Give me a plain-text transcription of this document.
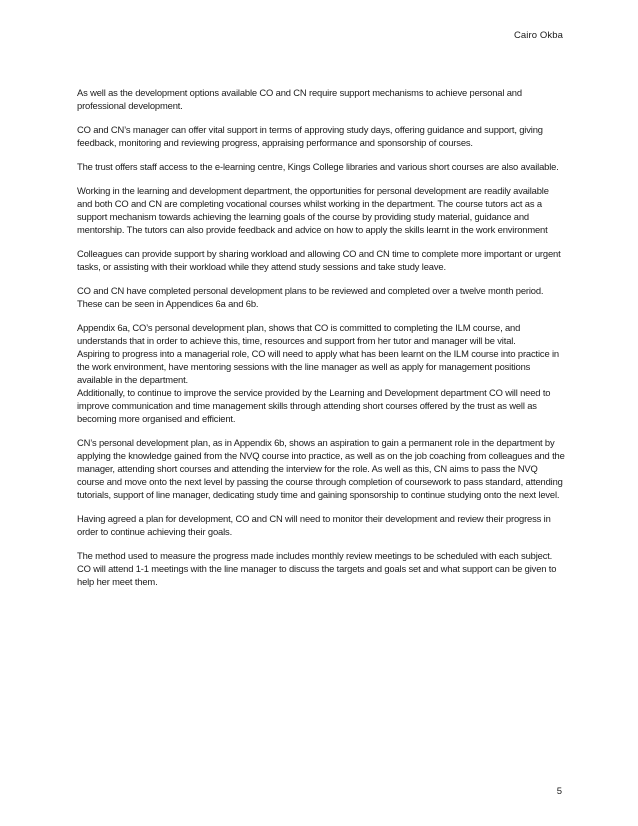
Cairo Okba

As well as the development options available CO and CN require support mechanisms to achieve personal and professional development.

CO and CN’s manager can offer vital support in terms of approving study days, offering guidance and support, giving feedback, monitoring and reviewing progress, appraising performance and sponsorship of courses.

The trust offers staff access to the e-learning centre, Kings College libraries and various short courses are also available.

Working in the learning and development department, the opportunities for personal development are readily available and both CO and CN are completing vocational courses whilst working in the department. The course tutors act as a support mechanism towards achieving the learning goals of the course by providing study material, guidance and mentorship. The tutors can also provide feedback and advice on how to apply the skills learnt in the work environment

Colleagues can provide support by sharing workload and allowing CO and CN time to complete more important or urgent tasks, or assisting with their workload while they attend study sessions and take study leave.

CO and CN have completed personal development plans to be reviewed and completed over a twelve month period. These can be seen in Appendices 6a and 6b.

Appendix 6a, CO’s personal development plan, shows that CO is committed to completing the ILM course, and understands that in order to achieve this, time, resources and support from her tutor and manager will be vital.

Aspiring to progress into a managerial role, CO will need to apply what has been learnt on the ILM course into practice in the work environment, have mentoring sessions with the line manager as well as apply for management positions available in the department.

Additionally, to continue to improve the service provided by the Learning and Development department CO will need to improve communication and time management skills through attending short courses offered by the trust as well as becoming more organised and efficient.

CN’s personal development plan, as in Appendix 6b, shows an aspiration to gain a permanent role in the department by applying the knowledge gained from the NVQ course into practice, as well as on the job coaching from colleagues and the manager, attending short courses and attending the interview for the role. As well as this, CN aims to pass the NVQ course and move onto the next level by passing the course through completion of coursework to pass standard, attending tutorials, support of line manager, dedicating study time and gaining sponsorship to continue studying onto the next level.

Having agreed a plan for development, CO and CN will need to monitor their development and review their progress in order to continue achieving their goals.

The method used to measure the progress made includes monthly review meetings to be scheduled with each subject.

CO will attend 1-1 meetings with the line manager to discuss the targets and goals set and what support can be given to help her meet them.

5
